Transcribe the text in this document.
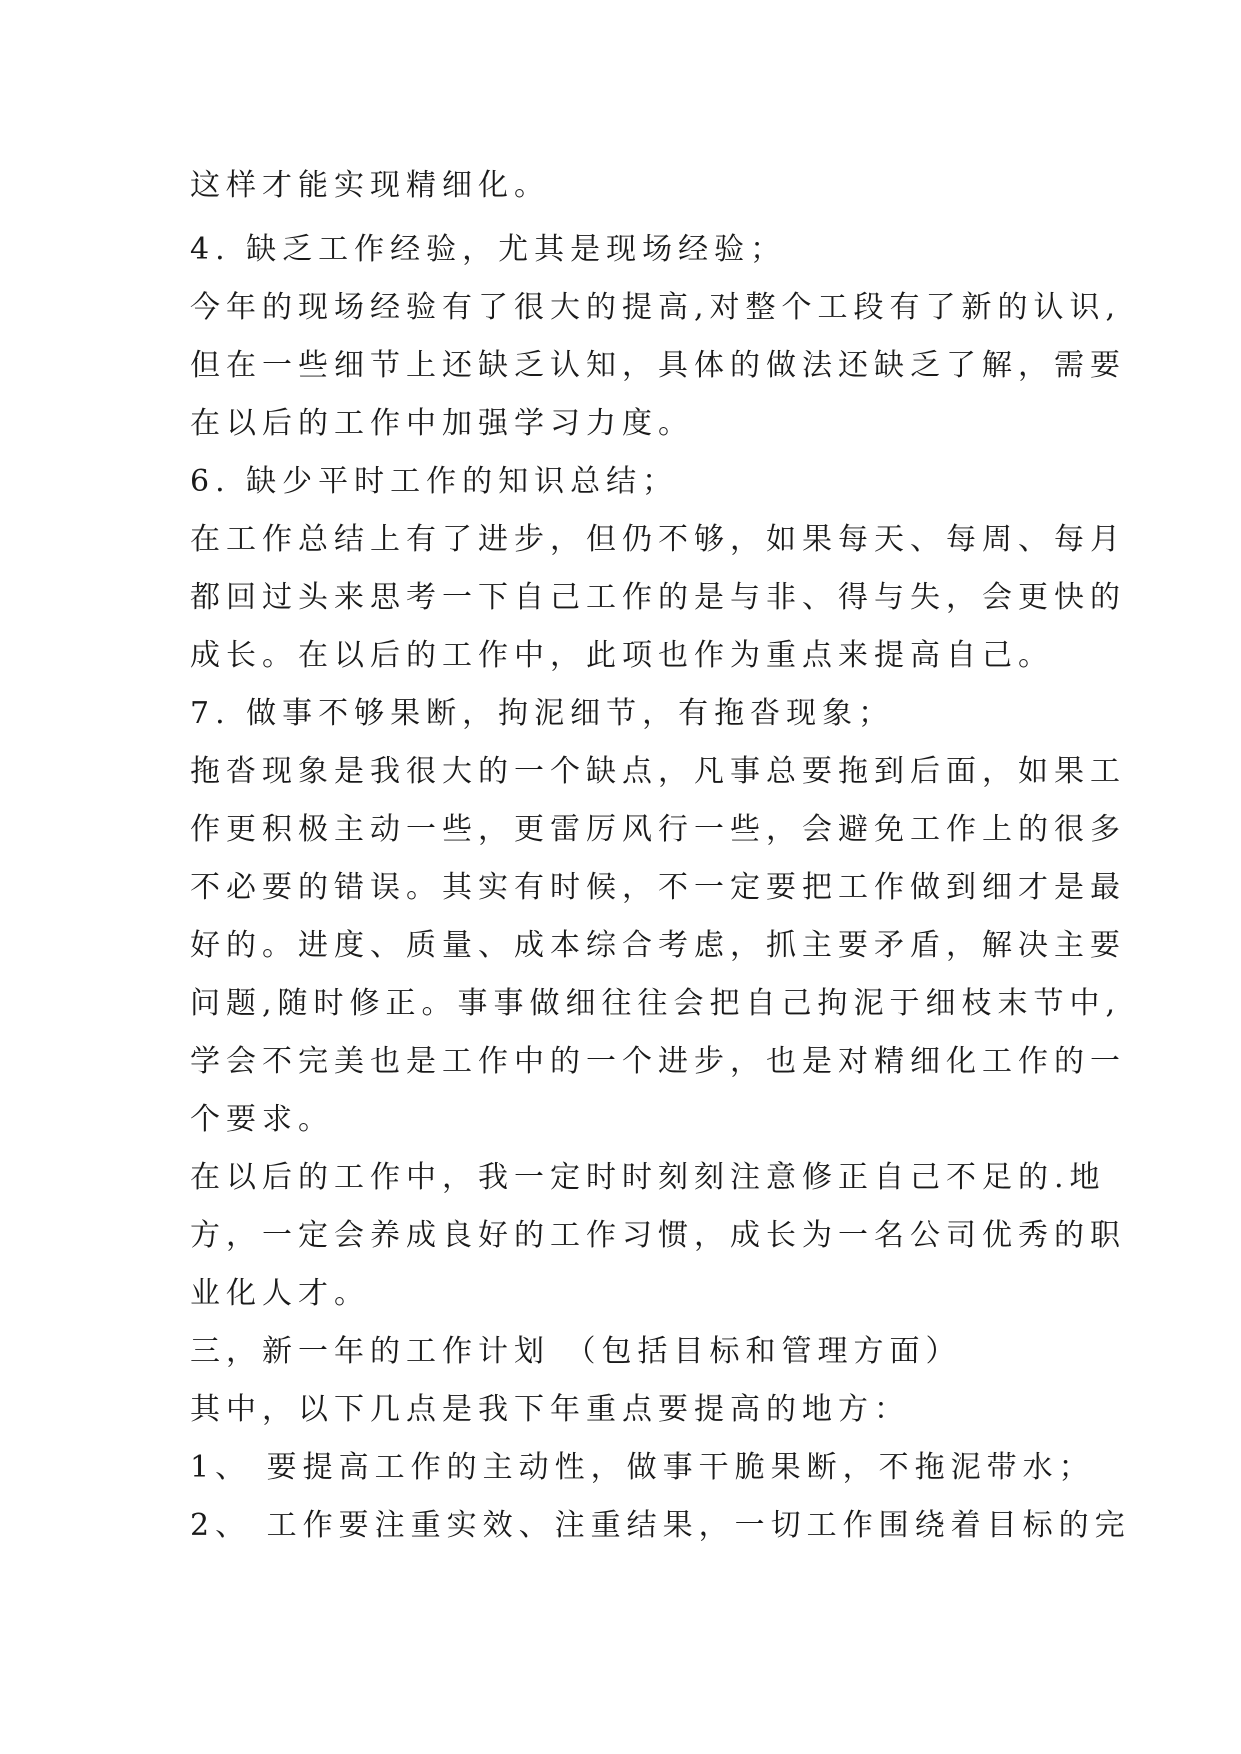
这样才能实现精细化。
4. 缺乏工作经验，尤其是现场经验；
今年的现场经验有了很大的提高,对整个工段有了新的认识,
但在一些细节上还缺乏认知，具体的做法还缺乏了解，需要
在以后的工作中加强学习力度。
6. 缺少平时工作的知识总结；
在工作总结上有了进步，但仍不够，如果每天、每周、每月
都回过头来思考一下自己工作的是与非、得与失，会更快的
成长。在以后的工作中，此项也作为重点来提高自己。
7. 做事不够果断，拘泥细节，有拖沓现象；
拖沓现象是我很大的一个缺点，凡事总要拖到后面，如果工
作更积极主动一些，更雷厉风行一些，会避免工作上的很多
不必要的错误。其实有时候，不一定要把工作做到细才是最
好的。进度、质量、成本综合考虑，抓主要矛盾，解决主要
问题,随时修正。事事做细往往会把自己拘泥于细枝末节中,
学会不完美也是工作中的一个进步，也是对精细化工作的一
个要求。
在以后的工作中，我一定时时刻刻注意修正自己不足的.地
方，一定会养成良好的工作习惯，成长为一名公司优秀的职
业化人才。
三，新一年的工作计划 （包括目标和管理方面）
其中，以下几点是我下年重点要提高的地方：
1、 要提高工作的主动性，做事干脆果断，不拖泥带水；
2、 工作要注重实效、注重结果，一切工作围绕着目标的完
